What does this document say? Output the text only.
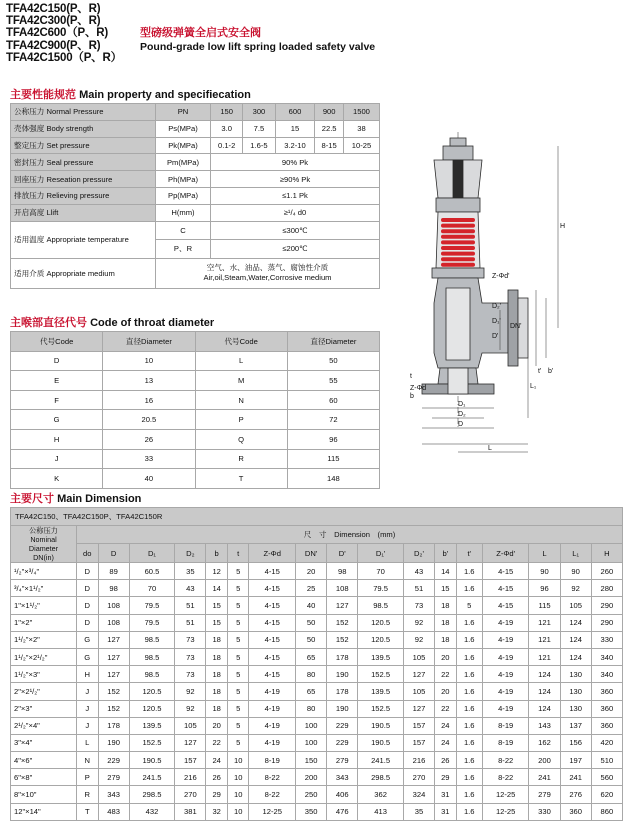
TFA42C150(P、R)
TFA42C300(P、R)
TFA42C600（P、R)
TFA42C900(P、R)
TFA42C1500（P、R）
型磅级弹簧全启式安全阀
Pound-grade low lift spring loaded safety valve
主要性能规范 Main property and specifiecation
公称压力 Normal Pressure	PN	150	300	600	900	1500
壳体强度 Body strength	Ps(MPa)	3.0	7.5	15	22.5	38
整定压力 Set pressure	Pk(MPa)	0.1-2	1.6-5	3.2-10	8-15	10-25
密封压力 Seal pressure	Pm(MPa)	90% Pk				
回座压力 Reseation pressure	Ph(MPa)	≥90% Pk				
排放压力 Relieving pressure	Pp(MPa)	≤1.1 Pk				
开启高度 Llift	H(mm)	≥¹/₄ d0				
适用温度 Appropriate temperature	C	≤300℃				
	P、R	≤200℃				
适用介质 Appropriate medium	空气、水、油品、蒸气、腐蚀性介质
Air,oil,Steam,Water,Corrosive medium					
主喉部直径代号 Code of throat diameter
代号Code	直径Diameter	代号Code	直径Diameter
D	10	L	50
E	13	M	55
F	16	N	60
G	20.5	P	72
H	26	Q	96
J	33	R	115
K	40	T	148
主要尺寸 Main Dimension
TFA42C150、TFA42C150P、TFA42C150R																	

公称压力
Nominal
Diameter
DN(in)	尺　寸　Dimension　(mm)																
	do	D	D₁	D₂	b	t	Z-Φd	DN'	D'	D₁'	D₂'	b'	t'	Z-Φd'	L	L₁	H
¹/₂"×³/₄"	D	89	60.5	35	12	5	4-15	20	98	70	43	14	1.6	4-15	90	90	260
³/₄"×1¹/₂"	D	98	70	43	14	5	4-15	25	108	79.5	51	15	1.6	4-15	96	92	280
1"×1¹/₂"	D	108	79.5	51	15	5	4-15	40	127	98.5	73	18	5	4-15	115	105	290
1"×2"	D	108	79.5	51	15	5	4-15	50	152	120.5	92	18	1.6	4-19	121	124	290
1¹/₂"×2"	G	127	98.5	73	18	5	4-15	50	152	120.5	92	18	1.6	4-19	121	124	330
1¹/₂"×2¹/₂"	G	127	98.5	73	18	5	4-15	65	178	139.5	105	20	1.6	4-19	121	124	340
1¹/₂"×3"	H	127	98.5	73	18	5	4-15	80	190	152.5	127	22	1.6	4-19	124	130	340
2"×2¹/₂"	J	152	120.5	92	18	5	4-19	65	178	139.5	105	20	1.6	4-19	124	130	360
2"×3"	J	152	120.5	92	18	5	4-19	80	190	152.5	127	22	1.6	4-19	124	130	360
2¹/₂"×4"	J	178	139.5	105	20	5	4-19	100	229	190.5	157	24	1.6	8-19	143	137	360
3"×4"	L	190	152.5	127	22	5	4-19	100	229	190.5	157	24	1.6	8-19	162	156	420
4"×6"	N	229	190.5	157	24	10	8-19	150	279	241.5	216	26	1.6	8-22	200	197	510
6"×8"	P	279	241.5	216	26	10	8-22	200	343	298.5	270	29	1.6	8-22	241	241	560
8"×10"	R	343	298.5	270	29	10	8-22	250	406	362	324	31	1.6	12-25	279	276	620
12"×14"	T	483	432	381	32	10	12-25	350	476	413	35	31	1.6	12-25	330	360	860
H
Z-Φd'
D₂'
D₁'
D'
L₁
DN'
t' b'
t
Z-Φd
b
D₁
D₂
D
L
